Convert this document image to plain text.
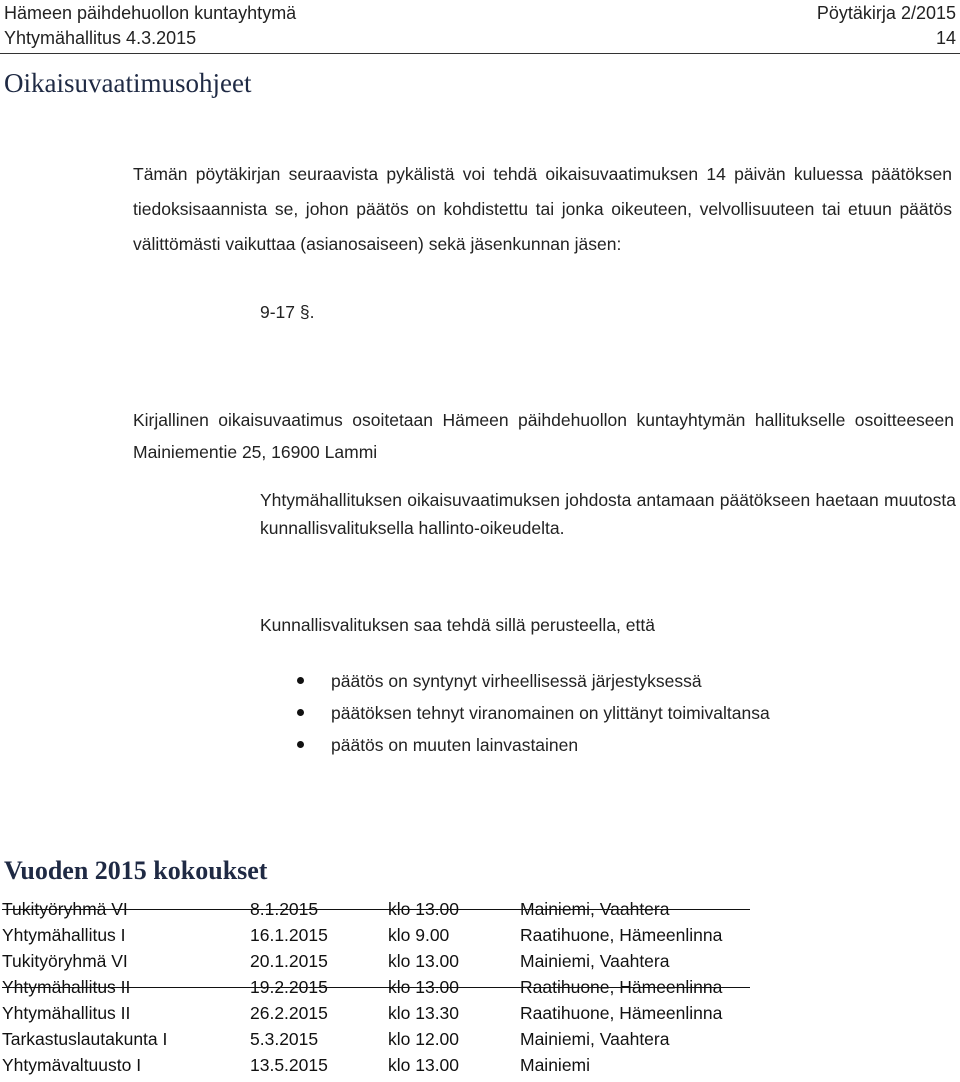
Hämeen päihdehuollon kuntayhtymä	Pöytäkirja 2/2015
Yhtymähallitus 4.3.2015	14
Oikaisuvaatimusohjeet

Tämän pöytäkirjan seuraavista pykälistä voi tehdä oikaisuvaatimuksen 14 päivän kuluessa päätöksen tiedoksisaannista se, johon päätös on kohdistettu tai jonka oikeuteen, velvollisuuteen tai etuun päätös välittömästi vaikuttaa (asianosaiseen) sekä jäsenkunnan jäsen:

9-17 §.

Kirjallinen oikaisuvaatimus osoitetaan Hämeen päihdehuollon kuntayhtymän hallitukselle osoitteeseen Mainiementie 25, 16900 Lammi

Yhtymähallituksen oikaisuvaatimuksen johdosta antamaan päätökseen haetaan muutosta kunnallisvalituksella hallinto-oikeudelta.

Kunnallisvalituksen saa tehdä sillä perusteella, että

päätös on syntynyt virheellisessä järjestyksessä
päätöksen tehnyt viranomainen on ylittänyt toimivaltansa
päätös on muuten lainvastainen
Vuoden 2015 kokoukset
Tukityöryhmä VI	8.1.2015	klo 13.00	Mainiemi, Vaahtera
Yhtymähallitus I	16.1.2015	klo 9.00	Raatihuone, Hämeenlinna
Tukityöryhmä VI	20.1.2015	klo 13.00	Mainiemi, Vaahtera
Yhtymähallitus II	19.2.2015	klo 13.00	Raatihuone, Hämeenlinna
Yhtymähallitus II	26.2.2015	klo 13.30	Raatihuone, Hämeenlinna
Tarkastuslautakunta I	5.3.2015	klo 12.00	Mainiemi, Vaahtera
Yhtymävaltuusto I	13.5.2015	klo 13.00	Mainiemi
